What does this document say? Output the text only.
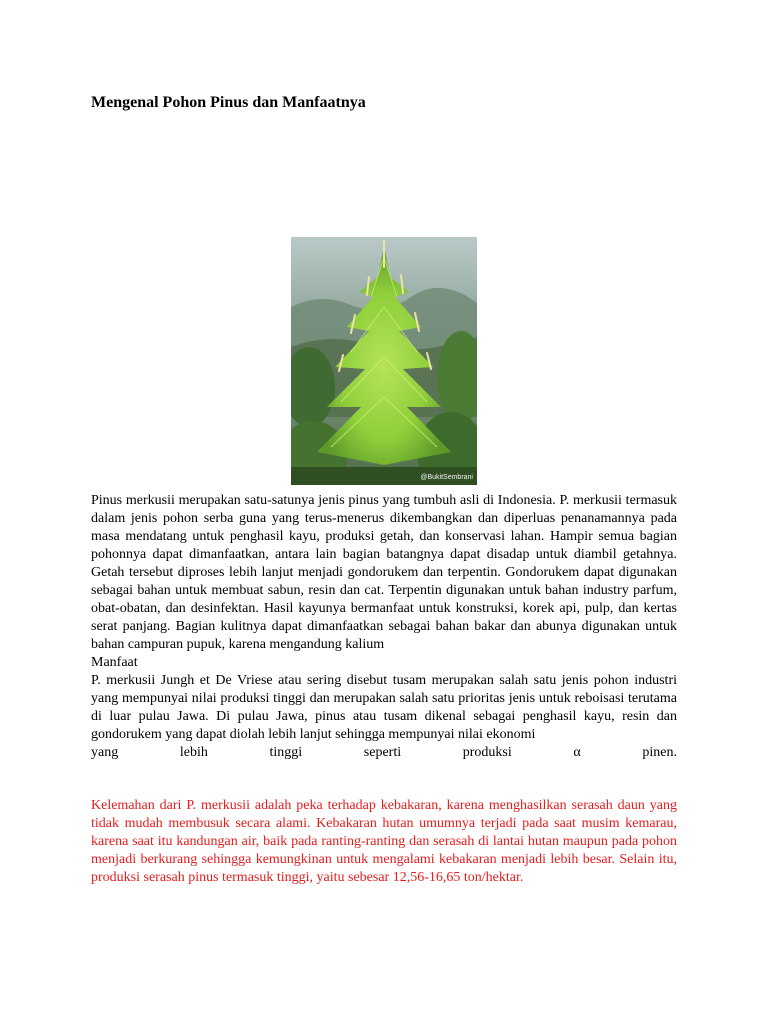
Mengenal Pohon Pinus dan Manfaatnya
@BukitSembrani

Pinus merkusii merupakan satu-satunya jenis pinus yang tumbuh asli di Indonesia. P. merkusii termasuk dalam jenis pohon serba guna yang terus-menerus dikembangkan dan diperluas penanamannya pada masa mendatang untuk penghasil kayu, produksi getah, dan konservasi lahan. Hampir semua bagian pohonnya dapat dimanfaatkan, antara lain bagian batangnya dapat disadap untuk diambil getahnya. Getah tersebut diproses lebih lanjut menjadi gondorukem dan terpentin. Gondorukem dapat digunakan sebagai bahan untuk membuat sabun, resin dan cat. Terpentin digunakan untuk bahan industry parfum, obat-obatan, dan desinfektan. Hasil kayunya bermanfaat untuk konstruksi, korek api, pulp, dan kertas serat panjang. Bagian kulitnya dapat dimanfaatkan sebagai bahan bakar dan abunya digunakan untuk bahan campuran pupuk, karena mengandung kalium

Manfaat

P. merkusii Jungh et De Vriese atau sering disebut tusam merupakan salah satu jenis pohon industri yang mempunyai nilai produksi tinggi dan merupakan salah satu prioritas jenis untuk reboisasi terutama di luar pulau Jawa. Di pulau Jawa, pinus atau tusam dikenal sebagai penghasil kayu, resin dan gondorukem yang dapat diolah lebih lanjut sehingga mempunyai nilai ekonomi

yang lebih tinggi seperti produksi α pinen.

Kelemahan dari P. merkusii adalah peka terhadap kebakaran, karena menghasilkan serasah daun yang tidak mudah membusuk secara alami. Kebakaran hutan umumnya terjadi pada saat musim kemarau, karena saat itu kandungan air, baik pada ranting-ranting dan serasah di lantai hutan maupun pada pohon menjadi berkurang sehingga kemungkinan untuk mengalami kebakaran menjadi lebih besar. Selain itu, produksi serasah pinus termasuk tinggi, yaitu sebesar 12,56-16,65 ton/hektar.
